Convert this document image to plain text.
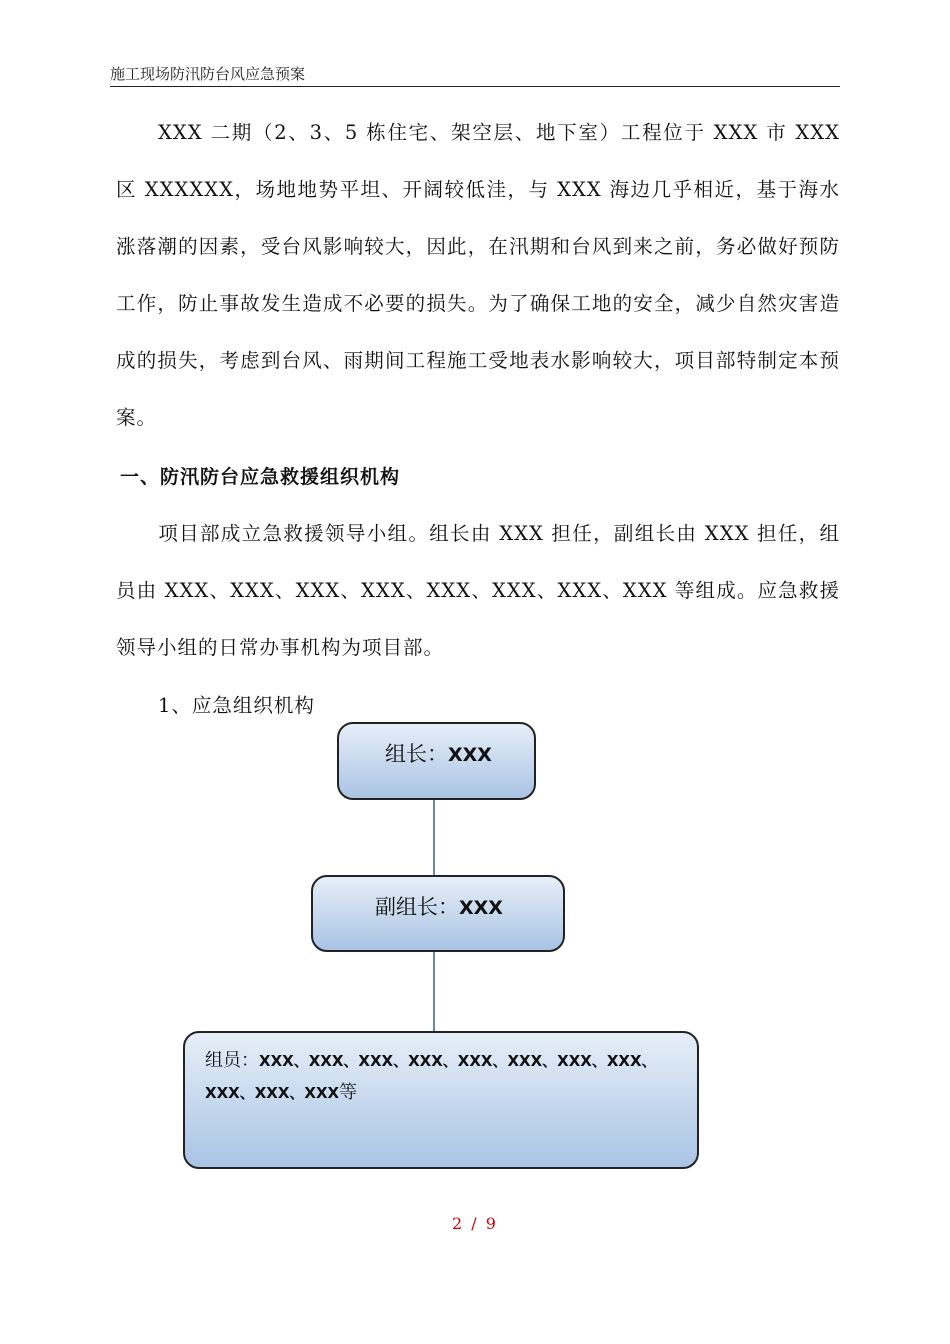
施工现场防汛防台风应急预案

XXX 二期（2、3、5 栋住宅、架空层、地下室）工程位于 XXX 市 XXX 区 XXXXXX，场地地势平坦、开阔较低洼，与 XXX 海边几乎相近，基于海水涨落潮的因素，受台风影响较大，因此，在汛期和台风到来之前，务必做好预防工作，防止事故发生造成不必要的损失。为了确保工地的安全，减少自然灾害造成的损失，考虑到台风、雨期间工程施工受地表水影响较大，项目部特制定本预案。

一、防汛防台应急救援组织机构

项目部成立急救援领导小组。组长由 XXX 担任，副组长由 XXX 担任，组员由 XXX、XXX、XXX、XXX、XXX、XXX、XXX、XXX 等组成。应急救援领导小组的日常办事机构为项目部。

1、应急组织机构
组长：XXX
副组长：XXX
组员：XXX、XXX、XXX、XXX、XXX、XXX、XXX、XXX、XXX、XXX、XXX等
2 / 9
